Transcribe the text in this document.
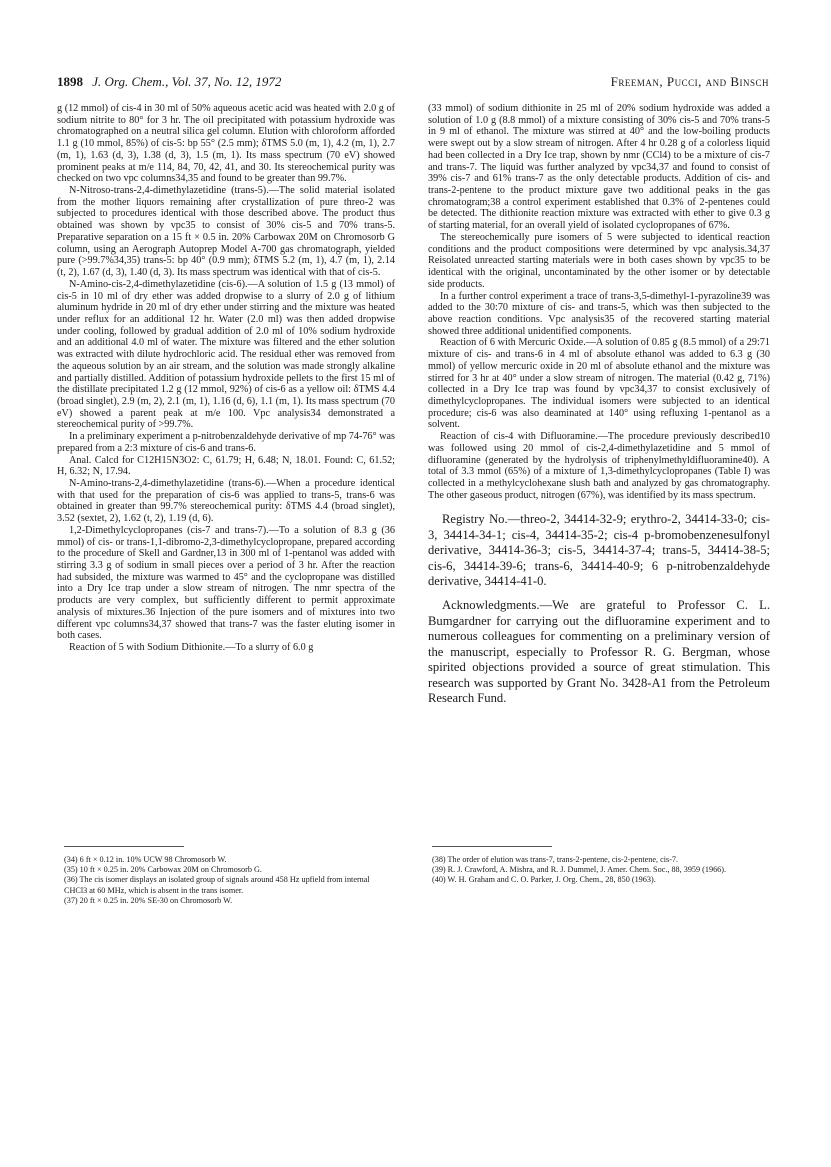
1898 J. Org. Chem., Vol. 37, No. 12, 1972	Freeman, Pucci, and Binsch

g (12 mmol) of cis-4 in 30 ml of 50% aqueous acetic acid was heated with 2.0 g of sodium nitrite to 80° for 3 hr. The oil precipitated with potassium hydroxide was chromatographed on a neutral silica gel column. Elution with chloroform afforded 1.1 g (10 mmol, 85%) of cis-5: bp 55° (2.5 mm); δTMS 5.0 (m, 1), 4.2 (m, 1), 2.7 (m, 1), 1.63 (d, 3), 1.38 (d, 3), 1.5 (m, 1). Its mass spectrum (70 eV) showed prominent peaks at m/e 114, 84, 70, 42, 41, and 30. Its stereochemical purity was checked on two vpc columns34,35 and found to be greater than 99.7%.

N-Nitroso-trans-2,4-dimethylazetidine (trans-5).—The solid material isolated from the mother liquors remaining after crystallization of pure threo-2 was subjected to procedures identical with those described above. The product thus obtained was shown by vpc35 to consist of 30% cis-5 and 70% trans-5. Preparative separation on a 15 ft × 0.5 in. 20% Carbowax 20M on Chromosorb G column, using an Aerograph Autoprep Model A-700 gas chromatograph, yielded pure (>99.7%34,35) trans-5: bp 40° (0.9 mm); δTMS 5.2 (m, 1), 4.7 (m, 1), 2.14 (t, 2), 1.67 (d, 3), 1.40 (d, 3). Its mass spectrum was identical with that of cis-5.

N-Amino-cis-2,4-dimethylazetidine (cis-6).—A solution of 1.5 g (13 mmol) of cis-5 in 10 ml of dry ether was added dropwise to a slurry of 2.0 g of lithium aluminum hydride in 20 ml of dry ether under stirring and the mixture was heated under reflux for an additional 12 hr. Water (2.0 ml) was then added dropwise under cooling, followed by gradual addition of 2.0 ml of 10% sodium hydroxide and an additional 4.0 ml of water. The mixture was filtered and the ether solution was extracted with dilute hydrochloric acid. The residual ether was removed from the aqueous solution by an air stream, and the solution was made strongly alkaline and partially distilled. Addition of potassium hydroxide pellets to the first 15 ml of the distillate precipitated 1.2 g (12 mmol, 92%) of cis-6 as a yellow oil: δTMS 4.4 (broad singlet), 2.9 (m, 2), 2.1 (m, 1), 1.16 (d, 6), 1.1 (m, 1). Its mass spectrum (70 eV) showed a parent peak at m/e 100. Vpc analysis34 demonstrated a stereochemical purity of >99.7%.

In a preliminary experiment a p-nitrobenzaldehyde derivative of mp 74-76° was prepared from a 2:3 mixture of cis-6 and trans-6.

Anal. Calcd for C12H15N3O2: C, 61.79; H, 6.48; N, 18.01. Found: C, 61.52; H, 6.32; N, 17.94.

N-Amino-trans-2,4-dimethylazetidine (trans-6).—When a procedure identical with that used for the preparation of cis-6 was applied to trans-5, trans-6 was obtained in greater than 99.7% stereochemical purity: δTMS 4.4 (broad singlet), 3.52 (sextet, 2), 1.62 (t, 2), 1.19 (d, 6).

1,2-Dimethylcyclopropanes (cis-7 and trans-7).—To a solution of 8.3 g (36 mmol) of cis- or trans-1,1-dibromo-2,3-dimethylcyclopropane, prepared according to the procedure of Skell and Gardner,13 in 300 ml of 1-pentanol was added with stirring 3.3 g of sodium in small pieces over a period of 3 hr. After the reaction had subsided, the mixture was warmed to 45° and the cyclopropane was distilled into a Dry Ice trap under a slow stream of nitrogen. The nmr spectra of the products are very complex, but sufficiently different to permit approximate analysis of mixtures.36 Injection of the pure isomers and of mixtures into two different vpc columns34,37 showed that trans-7 was the faster eluting isomer in both cases.

Reaction of 5 with Sodium Dithionite.—To a slurry of 6.0 g

(33 mmol) of sodium dithionite in 25 ml of 20% sodium hydroxide was added a solution of 1.0 g (8.8 mmol) of a mixture consisting of 30% cis-5 and 70% trans-5 in 9 ml of ethanol. The mixture was stirred at 40° and the low-boiling products were swept out by a slow stream of nitrogen. After 4 hr 0.28 g of a colorless liquid had been collected in a Dry Ice trap, shown by nmr (CCl4) to be a mixture of cis-7 and trans-7. The liquid was further analyzed by vpc34,37 and found to consist of 39% cis-7 and 61% trans-7 as the only detectable products. Addition of cis- and trans-2-pentene to the product mixture gave two additional peaks in the gas chromatogram;38 a control experiment established that 0.3% of 2-pentenes could be detected. The dithionite reaction mixture was extracted with ether to give 0.3 g of starting material, for an overall yield of isolated cyclopropanes of 67%.

The stereochemically pure isomers of 5 were subjected to identical reaction conditions and the product compositions were determined by vpc analysis.34,37 Reisolated unreacted starting materials were in both cases shown by vpc35 to be identical with the original, uncontaminated by the other isomer or by detectable side products.

In a further control experiment a trace of trans-3,5-dimethyl-1-pyrazoline39 was added to the 30:70 mixture of cis- and trans-5, which was then subjected to the above reaction conditions. Vpc analysis35 of the recovered starting material showed three additional unidentified components.

Reaction of 6 with Mercuric Oxide.—A solution of 0.85 g (8.5 mmol) of a 29:71 mixture of cis- and trans-6 in 4 ml of absolute ethanol was added to 6.3 g (30 mmol) of yellow mercuric oxide in 20 ml of absolute ethanol and the mixture was stirred for 3 hr at 40° under a slow stream of nitrogen. The material (0.42 g, 71%) collected in a Dry Ice trap was found by vpc34,37 to consist exclusively of dimethylcyclopropanes. The individual isomers were subjected to an identical procedure; cis-6 was also deaminated at 140° using refluxing 1-pentanol as a solvent.

Reaction of cis-4 with Difluoramine.—The procedure previously described10 was followed using 20 mmol of cis-2,4-dimethylazetidine and 5 mmol of difluoramine (generated by the hydrolysis of triphenylmethyldifluoramine40). A total of 3.3 mmol (65%) of a mixture of 1,3-dimethylcyclopropanes (Table I) was collected in a methylcyclohexane slush bath and analyzed by gas chromatography. The other gaseous product, nitrogen (67%), was identified by its mass spectrum.

Registry No.—threo-2, 34414-32-9; erythro-2, 34414-33-0; cis-3, 34414-34-1; cis-4, 34414-35-2; cis-4 p-bromobenzenesulfonyl derivative, 34414-36-3; cis-5, 34414-37-4; trans-5, 34414-38-5; cis-6, 34414-39-6; trans-6, 34414-40-9; 6 p-nitrobenzaldehyde derivative, 34414-41-0.

Acknowledgments.—We are grateful to Professor C. L. Bumgardner for carrying out the difluoramine experiment and to numerous colleagues for commenting on a preliminary version of the manuscript, especially to Professor R. G. Bergman, whose spirited objections provided a source of great stimulation. This research was supported by Grant No. 3428-A1 from the Petroleum Research Fund.

(34) 6 ft × 0.12 in. 10% UCW 98 Chromosorb W.
(35) 10 ft × 0.25 in. 20% Carbowax 20M on Chromosorb G.
(36) The cis isomer displays an isolated group of signals around 458 Hz upfield from internal CHCl3 at 60 MHz, which is absent in the trans isomer.
(37) 20 ft × 0.25 in. 20% SE-30 on Chromosorb W.
(38) The order of elution was trans-7, trans-2-pentene, cis-2-pentene, cis-7.
(39) R. J. Crawford, A. Mishra, and R. J. Dummel, J. Amer. Chem. Soc., 88, 3959 (1966).
(40) W. H. Graham and C. O. Parker, J. Org. Chem., 28, 850 (1963).
